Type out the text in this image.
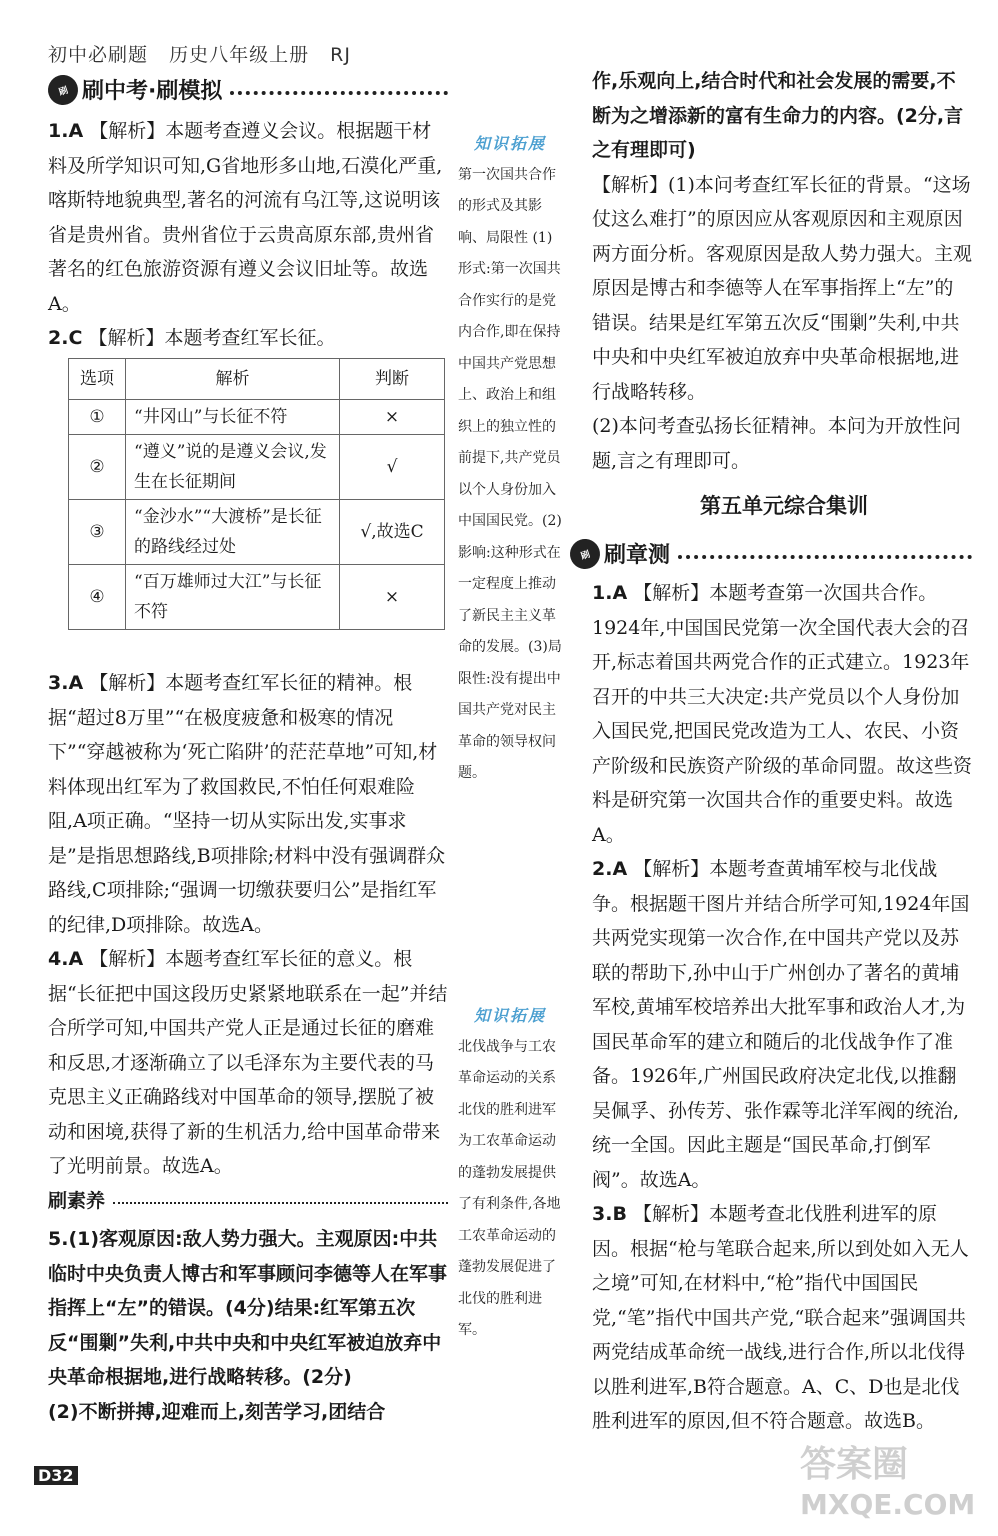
初中必刷题 历史八年级上册 RJ
刷 刷中考·刷模拟

1.A 【解析】本题考查遵义会议。根据题干材料及所学知识可知,G省地形多山地,石漠化严重,喀斯特地貌典型,著名的河流有乌江等,这说明该省是贵州省。贵州省位于云贵高原东部,贵州省著名的红色旅游资源有遵义会议旧址等。故选A。

2.C 【解析】本题考查红军长征。

选项	解析	判断
①	“井冈山”与长征不符	×
②	“遵义”说的是遵义会议,发生在长征期间	√
③	“金沙水”“大渡桥”是长征的路线经过处	√,故选C
④	“百万雄师过大江”与长征不符	×

3.A 【解析】本题考查红军长征的精神。根据“超过8万里”“在极度疲惫和极寒的情况下”“穿越被称为‘死亡陷阱’的茫茫草地”可知,材料体现出红军为了救国救民,不怕任何艰难险阻,A项正确。“坚持一切从实际出发,实事求是”是指思想路线,B项排除;材料中没有强调群众路线,C项排除;“强调一切缴获要归公”是指红军的纪律,D项排除。故选A。

4.A 【解析】本题考查红军长征的意义。根据“长征把中国这段历史紧紧地联系在一起”并结合所学可知,中国共产党人正是通过长征的磨难和反思,才逐渐确立了以毛泽东为主要代表的马克思主义正确路线对中国革命的领导,摆脱了被动和困境,获得了新的生机活力,给中国革命带来了光明前景。故选A。

刷素养

5.(1)客观原因:敌人势力强大。主观原因:中共临时中央负责人博古和军事顾问李德等人在军事指挥上“左”的错误。(4分)结果:红军第五次反“围剿”失利,中共中央和中央红军被迫放弃中央革命根据地,进行战略转移。(2分)

(2)不断拼搏,迎难而上,刻苦学习,团结合

知识拓展
第一次国共合作的形式及其影响、局限性 (1)形式:第一次国共合作实行的是党内合作,即在保持中国共产党思想上、政治上和组织上的独立性的前提下,共产党员以个人身份加入中国国民党。(2)影响:这种形式在一定程度上推动了新民主主义革命的发展。(3)局限性:没有提出中国共产党对民主革命的领导权问题。
知识拓展
北伐战争与工农革命运动的关系 北伐的胜利进军为工农革命运动的蓬勃发展提供了有利条件,各地工农革命运动的蓬勃发展促进了北伐的胜利进军。

作,乐观向上,结合时代和社会发展的需要,不断为之增添新的富有生命力的内容。(2分,言之有理即可)

【解析】(1)本问考查红军长征的背景。“这场仗这么难打”的原因应从客观原因和主观原因两方面分析。客观原因是敌人势力强大。主观原因是博古和李德等人在军事指挥上“左”的错误。结果是红军第五次反“围剿”失利,中共中央和中央红军被迫放弃中央革命根据地,进行战略转移。

(2)本问考查弘扬长征精神。本问为开放性问题,言之有理即可。

第五单元综合集训
刷 刷章测

1.A 【解析】本题考查第一次国共合作。1924年,中国国民党第一次全国代表大会的召开,标志着国共两党合作的正式建立。1923年召开的中共三大决定:共产党员以个人身份加入国民党,把国民党改造为工人、农民、小资产阶级和民族资产阶级的革命同盟。故这些资料是研究第一次国共合作的重要史料。故选A。

2.A 【解析】本题考查黄埔军校与北伐战争。根据题干图片并结合所学可知,1924年国共两党实现第一次合作,在中国共产党以及苏联的帮助下,孙中山于广州创办了著名的黄埔军校,黄埔军校培养出大批军事和政治人才,为国民革命军的建立和随后的北伐战争作了准备。1926年,广州国民政府决定北伐,以推翻吴佩孚、孙传芳、张作霖等北洋军阀的统治,统一全国。因此主题是“国民革命,打倒军阀”。故选A。

3.B 【解析】本题考查北伐胜利进军的原因。根据“枪与笔联合起来,所以到处如入无人之境”可知,在材料中,“枪”指代中国国民党,“笔”指代中国共产党,“联合起来”强调国共两党结成革命统一战线,进行合作,所以北伐得以胜利进军,B符合题意。A、C、D也是北伐胜利进军的原因,但不符合题意。故选B。

D32	答案圈
MXQE.COM
